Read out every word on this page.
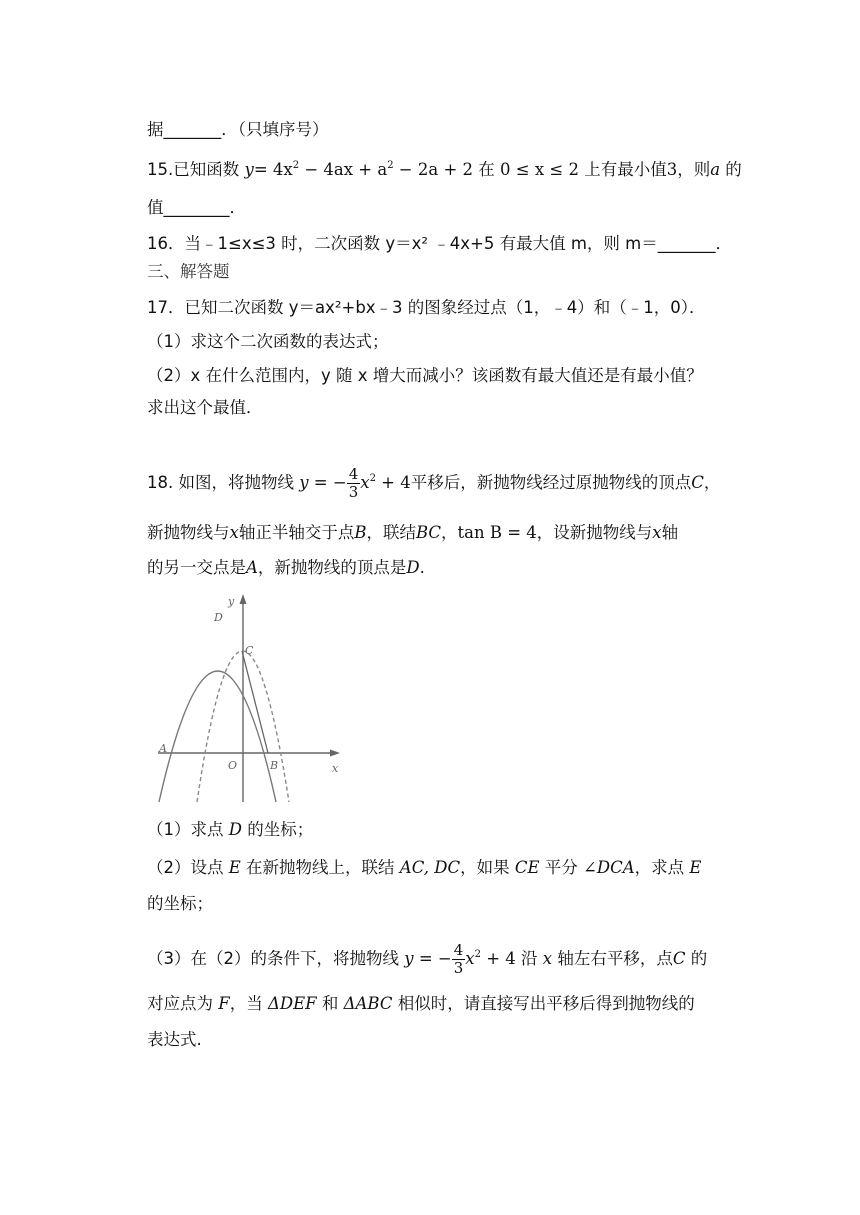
据_______．（只填序号）
15.已知函数 $y= 4x^2 - 4ax + a^2 - 2a + 2$ 在 0 ≤ x ≤ 2 上有最小值3，则a 的
值________．
16．当﹣1≤x≤3 时，二次函数 y＝x² ﹣4x+5 有最大值 m，则 m＝_______．
三、解答题
17．已知二次函数 y＝ax²+bx﹣3 的图象经过点（1，﹣4）和（﹣1，0）．
（1）求这个二次函数的表达式；
（2）x 在什么范围内，y 随 x 增大而减小？该函数有最大值还是有最小值？
求出这个最值．
18. 如图，将抛物线 y = − $\frac{4}{3} x^2 + 4$平移后，新抛物线经过原抛物线的顶点C，
新抛物线与x轴正半轴交于点B，联结BC，tan B = 4，设新抛物线与x轴
的另一交点是A，新抛物线的顶点是D.
y
x
O
A
B
C
D
（1）求点 D 的坐标；
（2）设点 E 在新抛物线上，联结 AC, DC，如果 CE 平分 ∠DCA，求点 E
的坐标；
（3）在（2）的条件下，将抛物线 y = − $\frac{4}{3} x^2 + 4$ 沿 x 轴左右平移，点C 的
对应点为 F，当 ΔDEF 和 ΔABC 相似时，请直接写出平移后得到抛物线的
表达式.
